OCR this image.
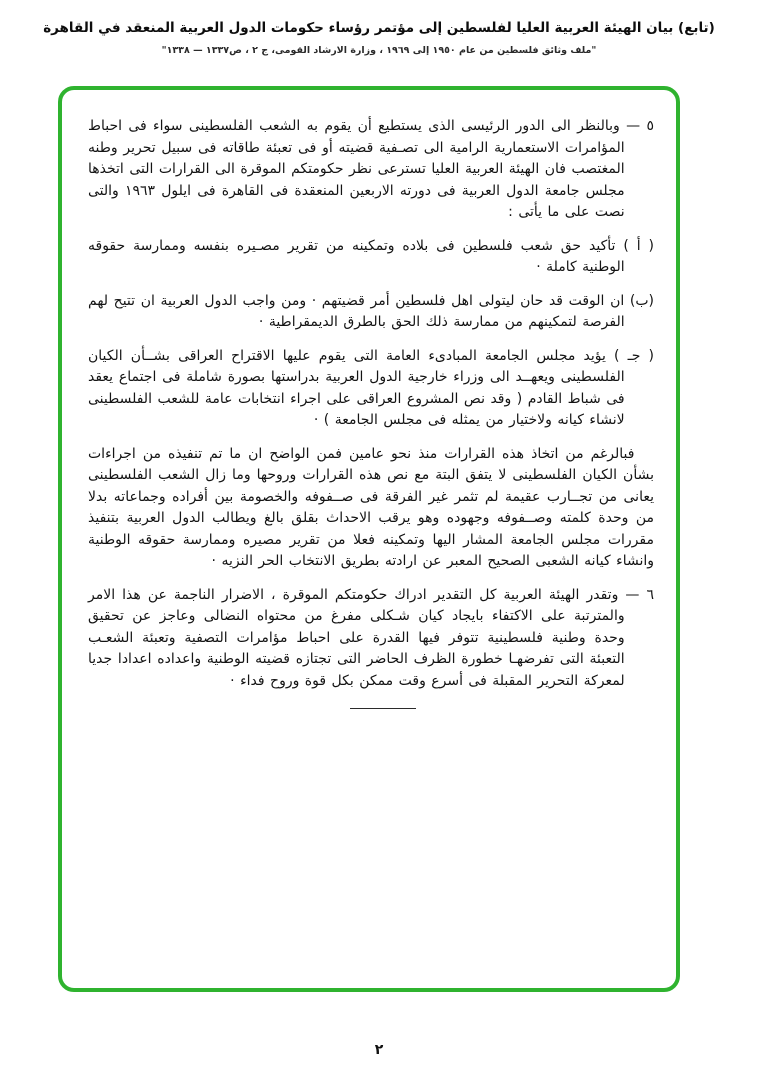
(تابع) بيان الهيئة العربية العليا لفلسطين إلى مؤتمر رؤساء حكومات الدول العربية المنعقد في القاهرة
"ملف وثائق فلسطين من عام ١٩٥٠ إلى ١٩٦٩ ، وزارة الارشاد القومى، ج ٢ ، ص١٣٣٧ — ١٣٣٨"

٥ — وبالنظر الى الدور الرئيسى الذى يستطيع أن يقوم به الشعب الفلسطينى سواء فى احباط المؤامرات الاستعمارية الرامية الى تصـفية قضيته أو فى تعبئة طاقاته فى سبيل تحرير وطنه المغتصب فان الهيئة العربية العليا تسترعى نظر حكومتكم الموقرة الى القرارات التى اتخذها مجلس جامعة الدول العربية فى دورته الاربعين المنعقدة فى القاهرة فى ايلول ١٩٦٣ والتى نصت على ما يأتى :

( أ ) تأكيد حق شعب فلسطين فى بلاده وتمكينه من تقرير مصـيره بنفسه وممارسة حقوقه الوطنية كاملة ·

(ب) ان الوقت قد حان ليتولى اهل فلسطين أمر قضيتهم · ومن واجب الدول العربية ان تتيح لهم الفرصة لتمكينهم من ممارسة ذلك الحق بالطرق الديمقراطية ·

( جـ ) يؤيد مجلس الجامعة المبادىء العامة التى يقوم عليها الاقتراح العراقى بشــأن الكيان الفلسطينى ويعهــد الى وزراء خارجية الدول العربية بدراستها بصورة شاملة فى اجتماع يعقد فى شباط القادم ( وقد نص المشروع العراقى على اجراء انتخابات عامة للشعب الفلسطينى لانشاء كيانه ولاختيار من يمثله فى مجلس الجامعة ) ·

فبالرغم من اتخاذ هذه القرارات منذ نحو عامين فمن الواضح ان ما تم تنفيذه من اجراءات بشأن الكيان الفلسطينى لا يتفق البتة مع نص هذه القرارات وروحها وما زال الشعب الفلسطينى يعانى من تجــارب عقيمة لم تثمر غير الفرقة فى صــفوفه والخصومة بين أفراده وجماعاته بدلا من وحدة كلمته وصــفوفه وجهوده وهو يرقب الاحداث بقلق بالغ ويطالب الدول العربية بتنفيذ مقررات مجلس الجامعة المشار اليها وتمكينه فعلا من تقرير مصيره وممارسة حقوقه الوطنية وانشاء كيانه الشعبى الصحيح المعبر عن ارادته بطريق الانتخاب الحر النزيه ·

٦ — وتقدر الهيئة العربية كل التقدير ادراك حكومتكم الموقرة ، الاضرار الناجمة عن هذا الامر والمترتبة على الاكتفاء بايجاد كيان شـكلى مفرغ من محتواه النضالى وعاجز عن تحقيق وحدة وطنية فلسطينية تتوفر فيها القدرة على احباط مؤامرات التصفية وتعبئة الشعـب التعبئة التى تفرضهـا خطورة الظرف الحاضر التى تجتازه قضيته الوطنية واعداده اعدادا جديا لمعركة التحرير المقبلة فى أسرع وقت ممكن بكل قوة وروح فداء ·

٢
